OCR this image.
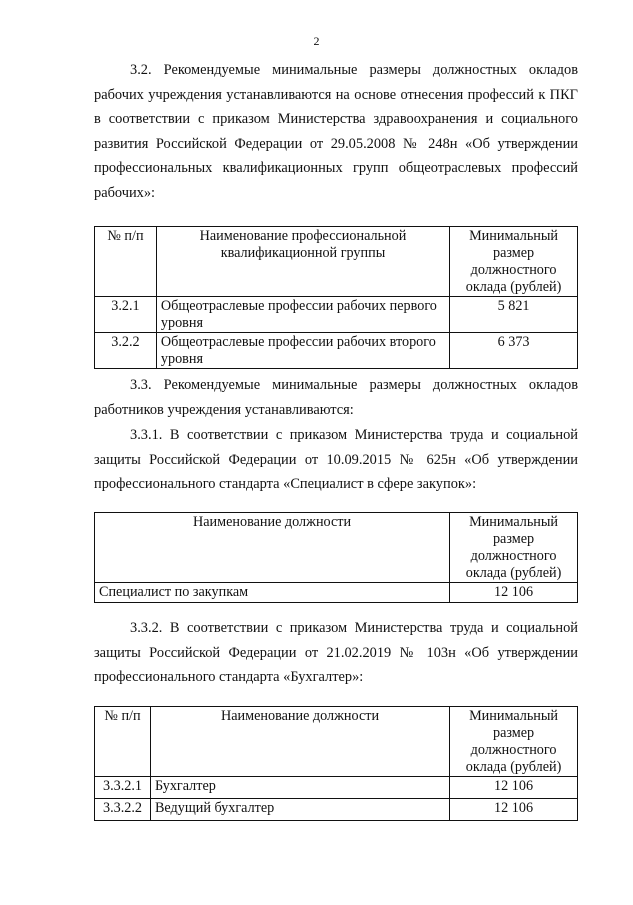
2
3.2. Рекомендуемые минимальные размеры должностных окладов рабочих учреждения устанавливаются на основе отнесения профессий к ПКГ в соответствии с приказом Министерства здравоохранения и социального развития Российской Федерации от 29.05.2008 № 248н «Об утверждении профессиональных квалификационных групп общеотраслевых профессий рабочих»:
№ п/п	Наименование профессиональной квалификационной группы	Минимальный размер должностного оклада (рублей)
3.2.1	Общеотраслевые профессии рабочих первого уровня	5 821
3.2.2	Общеотраслевые профессии рабочих второго уровня	6 373
3.3. Рекомендуемые минимальные размеры должностных окладов работников учреждения устанавливаются:
3.3.1. В соответствии с приказом Министерства труда и социальной защиты Российской Федерации от 10.09.2015 № 625н «Об утверждении профессионального стандарта «Специалист в сфере закупок»:
Наименование должности	Минимальный размер должностного оклада (рублей)
Специалист по закупкам	12 106
3.3.2. В соответствии с приказом Министерства труда и социальной защиты Российской Федерации от 21.02.2019 № 103н «Об утверждении профессионального стандарта «Бухгалтер»:
№ п/п	Наименование должности	Минимальный размер должностного оклада (рублей)
3.3.2.1	Бухгалтер	12 106
3.3.2.2	Ведущий бухгалтер	12 106
